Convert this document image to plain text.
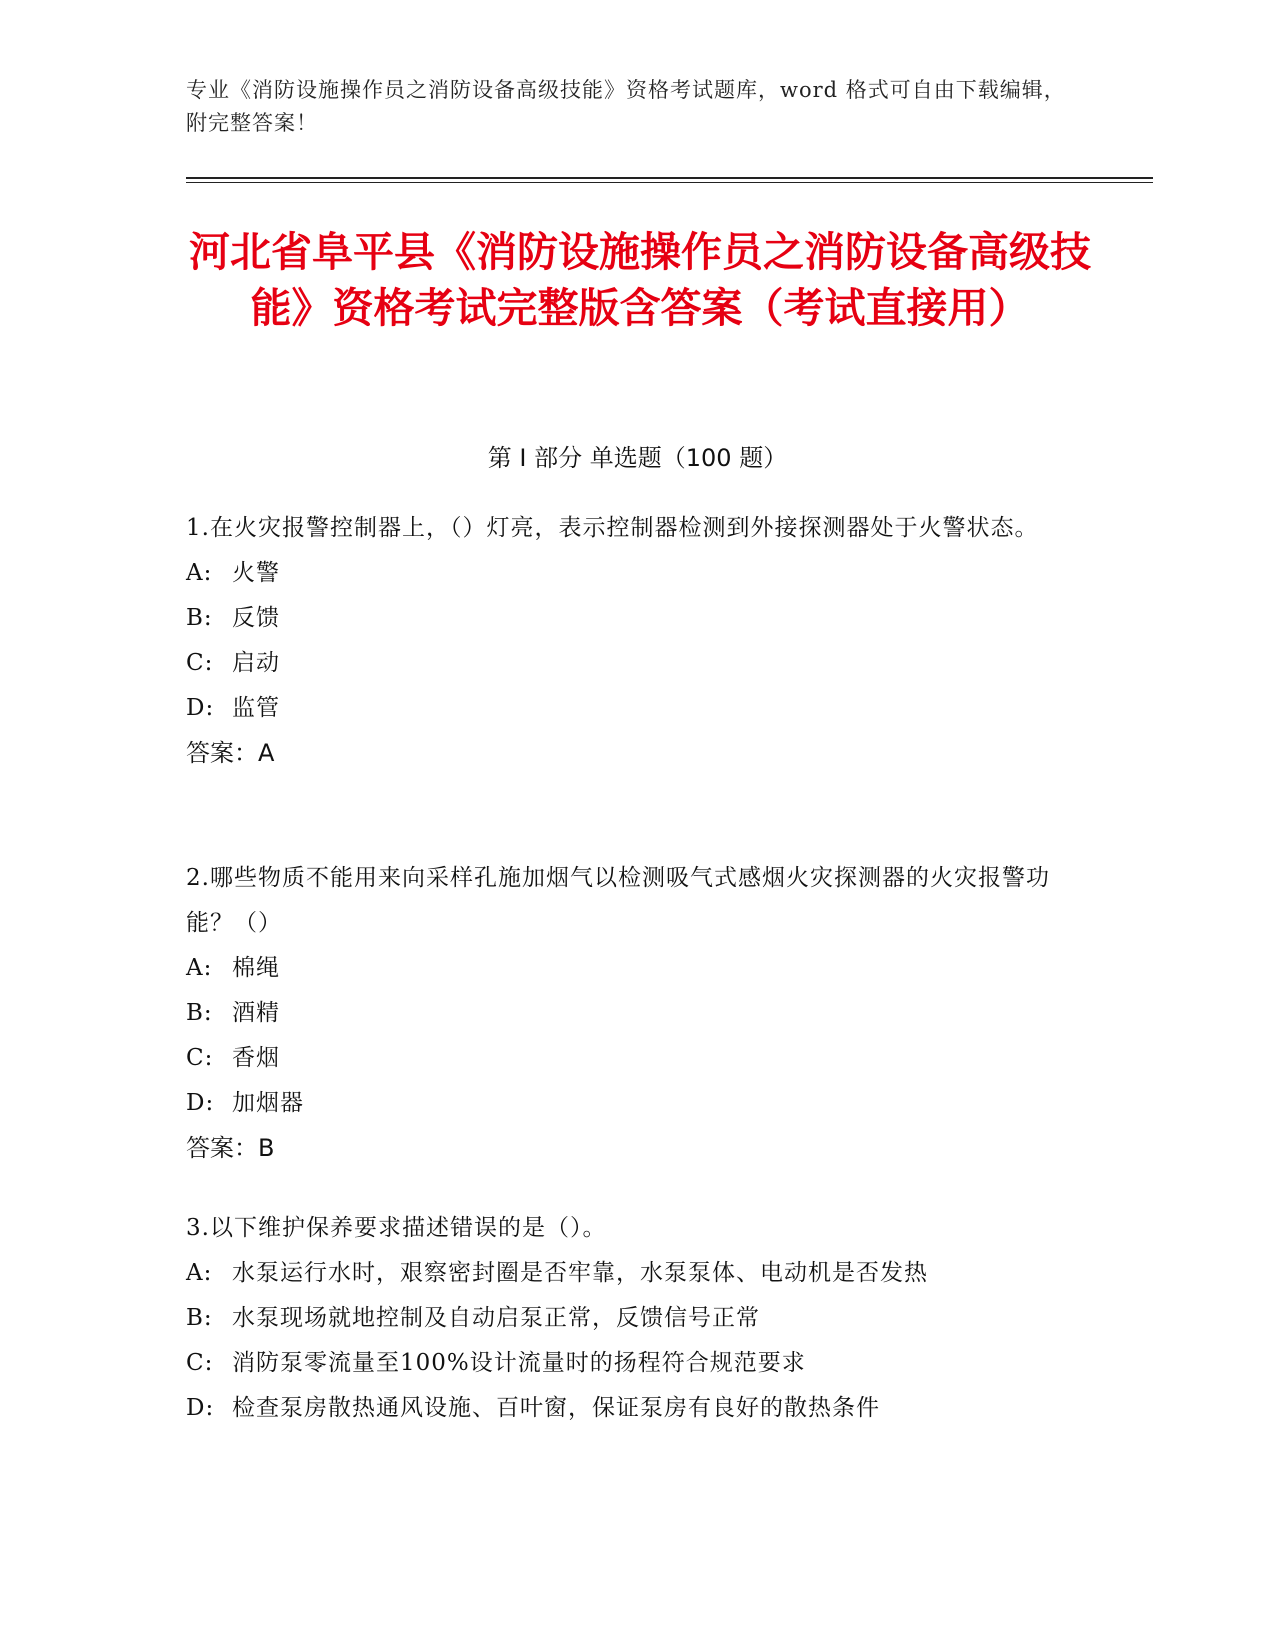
专业《消防设施操作员之消防设备高级技能》资格考试题库，word 格式可自由下载编辑，附完整答案！
河北省阜平县《消防设施操作员之消防设备高级技能》资格考试完整版含答案（考试直接用）
第 I 部分 单选题（100 题）
1.在火灾报警控制器上，（）灯亮，表示控制器检测到外接探测器处于火警状态。
A: 火警
B: 反馈
C: 启动
D: 监管
答案：A
2.哪些物质不能用来向采样孔施加烟气以检测吸气式感烟火灾探测器的火灾报警功能？（）
A: 棉绳
B: 酒精
C: 香烟
D: 加烟器
答案：B
3.以下维护保养要求描述错误的是（）。
A: 水泵运行水时，艰察密封圈是否牢靠，水泵泵体、电动机是否发热
B: 水泵现场就地控制及自动启泵正常，反馈信号正常
C: 消防泵零流量至100%设计流量时的扬程符合规范要求
D: 检查泵房散热通风设施、百叶窗，保证泵房有良好的散热条件
